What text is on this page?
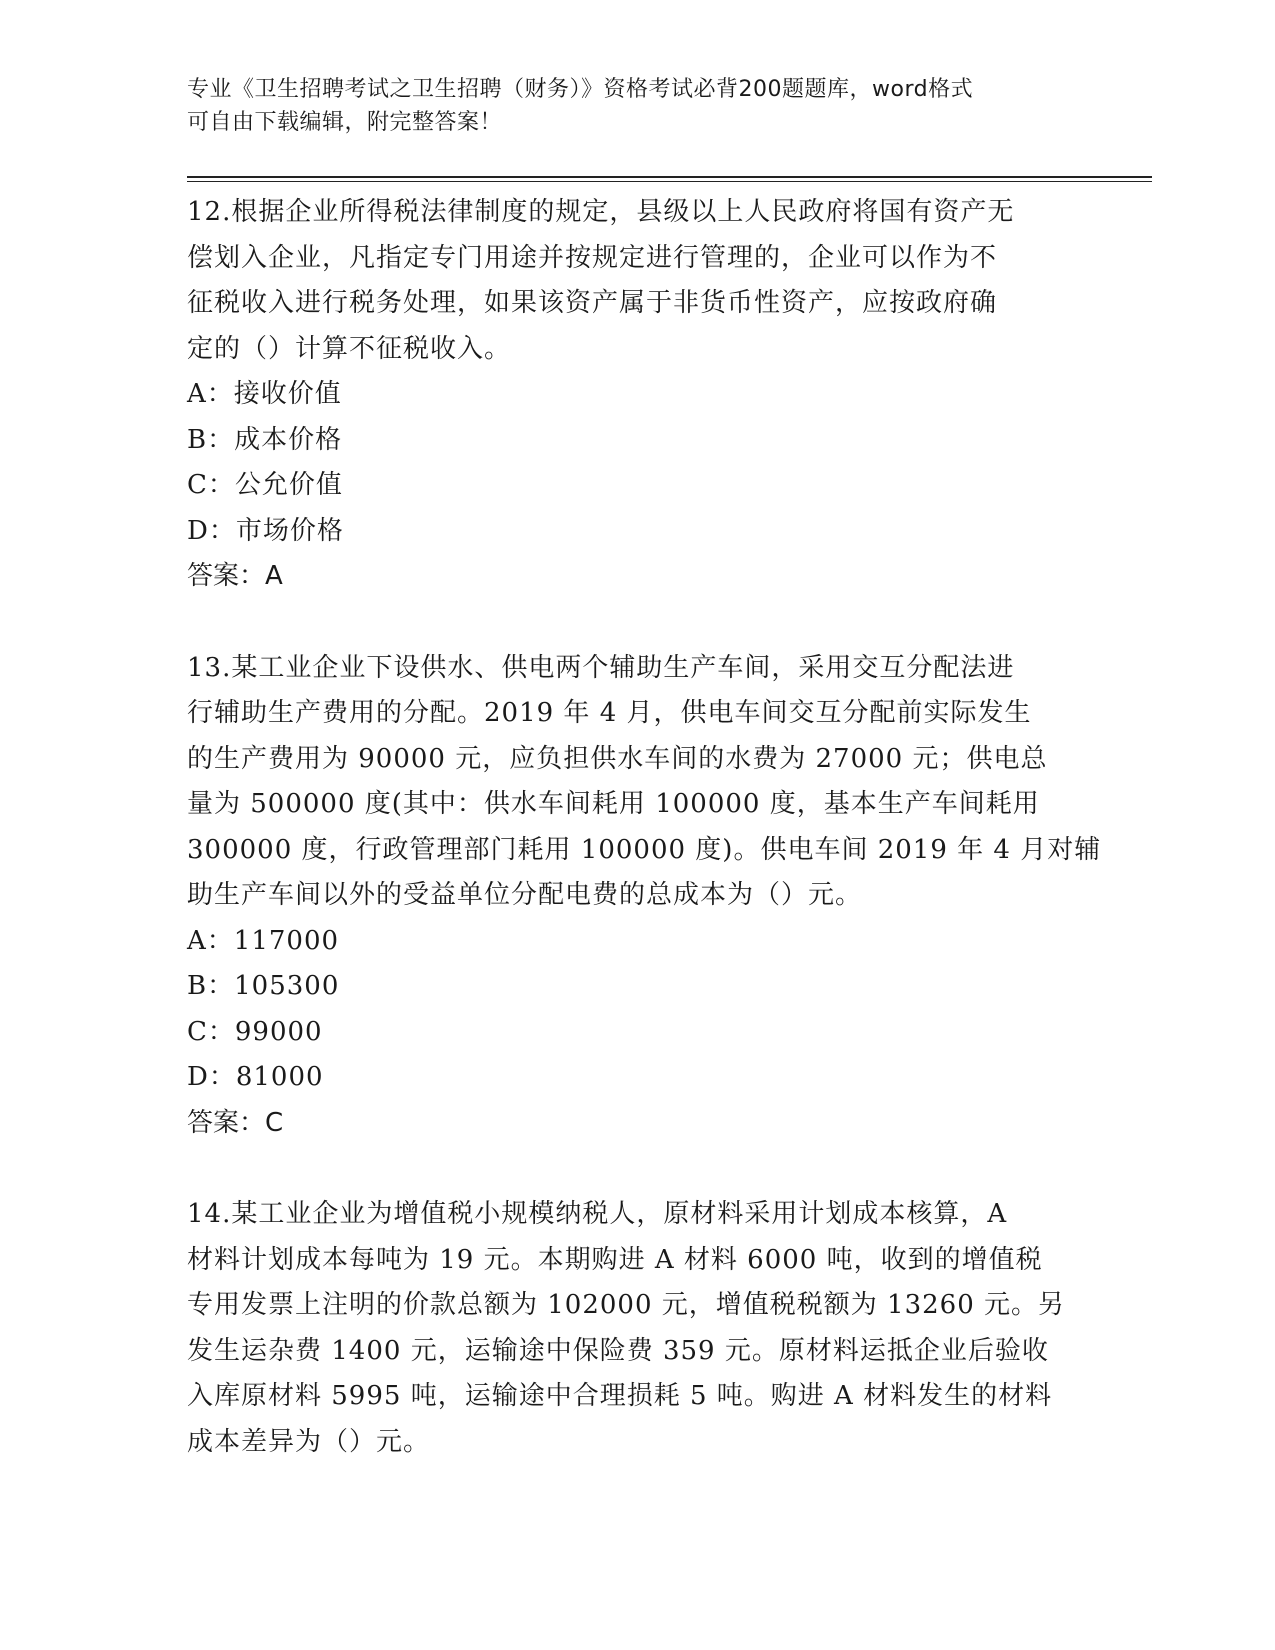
专业《卫生招聘考试之卫生招聘（财务）》资格考试必背200题题库，word格式
可自由下载编辑，附完整答案！
12.根据企业所得税法律制度的规定，县级以上人民政府将国有资产无
偿划入企业，凡指定专门用途并按规定进行管理的，企业可以作为不
征税收入进行税务处理，如果该资产属于非货币性资产，应按政府确
定的（）计算不征税收入。
A：接收价值
B：成本价格
C：公允价值
D：市场价格
答案：A
13.某工业企业下设供水、供电两个辅助生产车间，采用交互分配法进
行辅助生产费用的分配。2019 年 4 月，供电车间交互分配前实际发生
的生产费用为 90000 元，应负担供水车间的水费为 27000 元；供电总
量为 500000 度(其中：供水车间耗用 100000 度，基本生产车间耗用
300000 度，行政管理部门耗用 100000 度)。供电车间 2019 年 4 月对辅
助生产车间以外的受益单位分配电费的总成本为（）元。
A：117000
B：105300
C：99000
D：81000
答案：C
14.某工业企业为增值税小规模纳税人，原材料采用计划成本核算，A
材料计划成本每吨为 19 元。本期购进 A 材料 6000 吨，收到的增值税
专用发票上注明的价款总额为 102000 元，增值税税额为 13260 元。另
发生运杂费 1400 元，运输途中保险费 359 元。原材料运抵企业后验收
入库原材料 5995 吨，运输途中合理损耗 5 吨。购进 A 材料发生的材料
成本差异为（）元。
